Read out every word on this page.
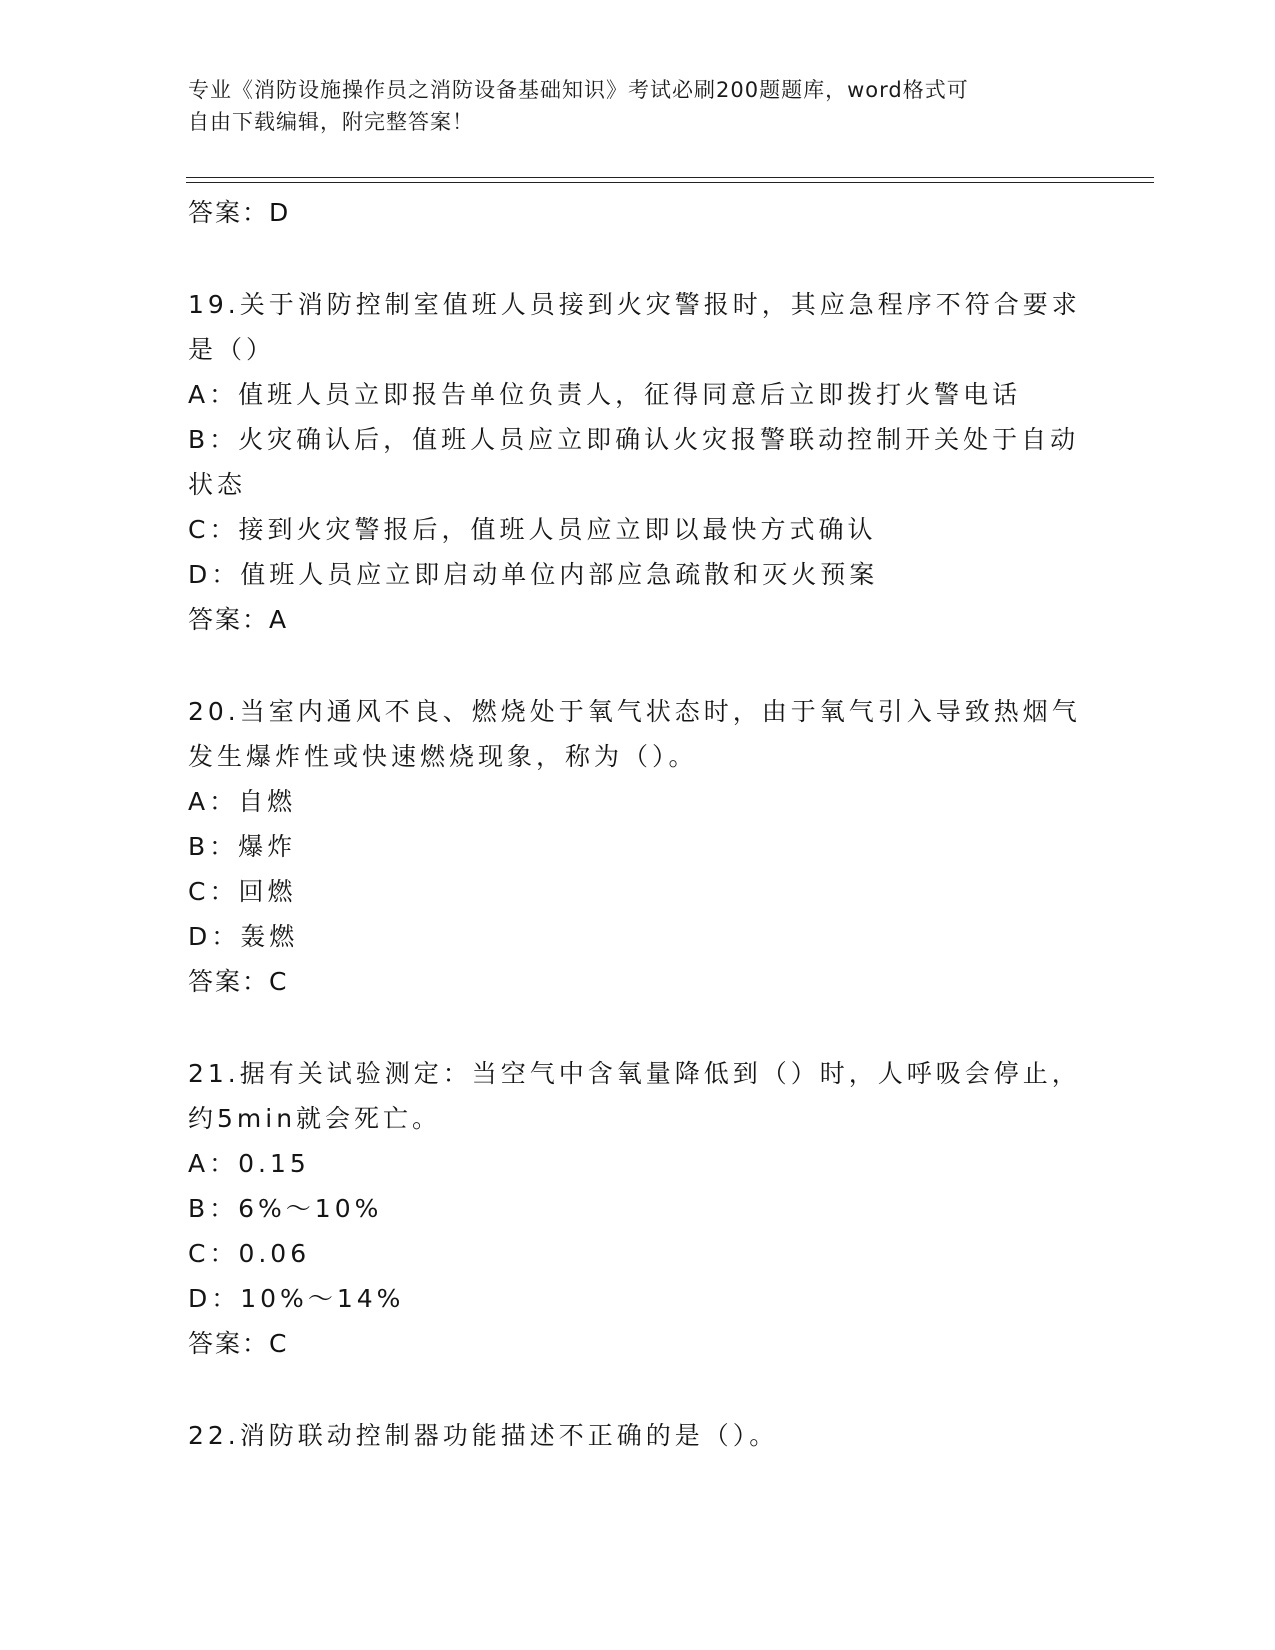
专业《消防设施操作员之消防设备基础知识》考试必刷200题题库，word格式可
自由下载编辑，附完整答案！
答案：D
19.关于消防控制室值班人员接到火灾警报时，其应急程序不符合要求
是（）
A：值班人员立即报告单位负责人，征得同意后立即拨打火警电话
B：火灾确认后，值班人员应立即确认火灾报警联动控制开关处于自动
状态
C：接到火灾警报后，值班人员应立即以最快方式确认
D：值班人员应立即启动单位内部应急疏散和灭火预案
答案：A
20.当室内通风不良、燃烧处于氧气状态时，由于氧气引入导致热烟气
发生爆炸性或快速燃烧现象，称为（）。
A：自燃
B：爆炸
C：回燃
D：轰燃
答案：C
21.据有关试验测定：当空气中含氧量降低到（）时，人呼吸会停止，
约5min就会死亡。
A：0.15
B：6%～10%
C：0.06
D：10%～14%
答案：C
22.消防联动控制器功能描述不正确的是（）。
